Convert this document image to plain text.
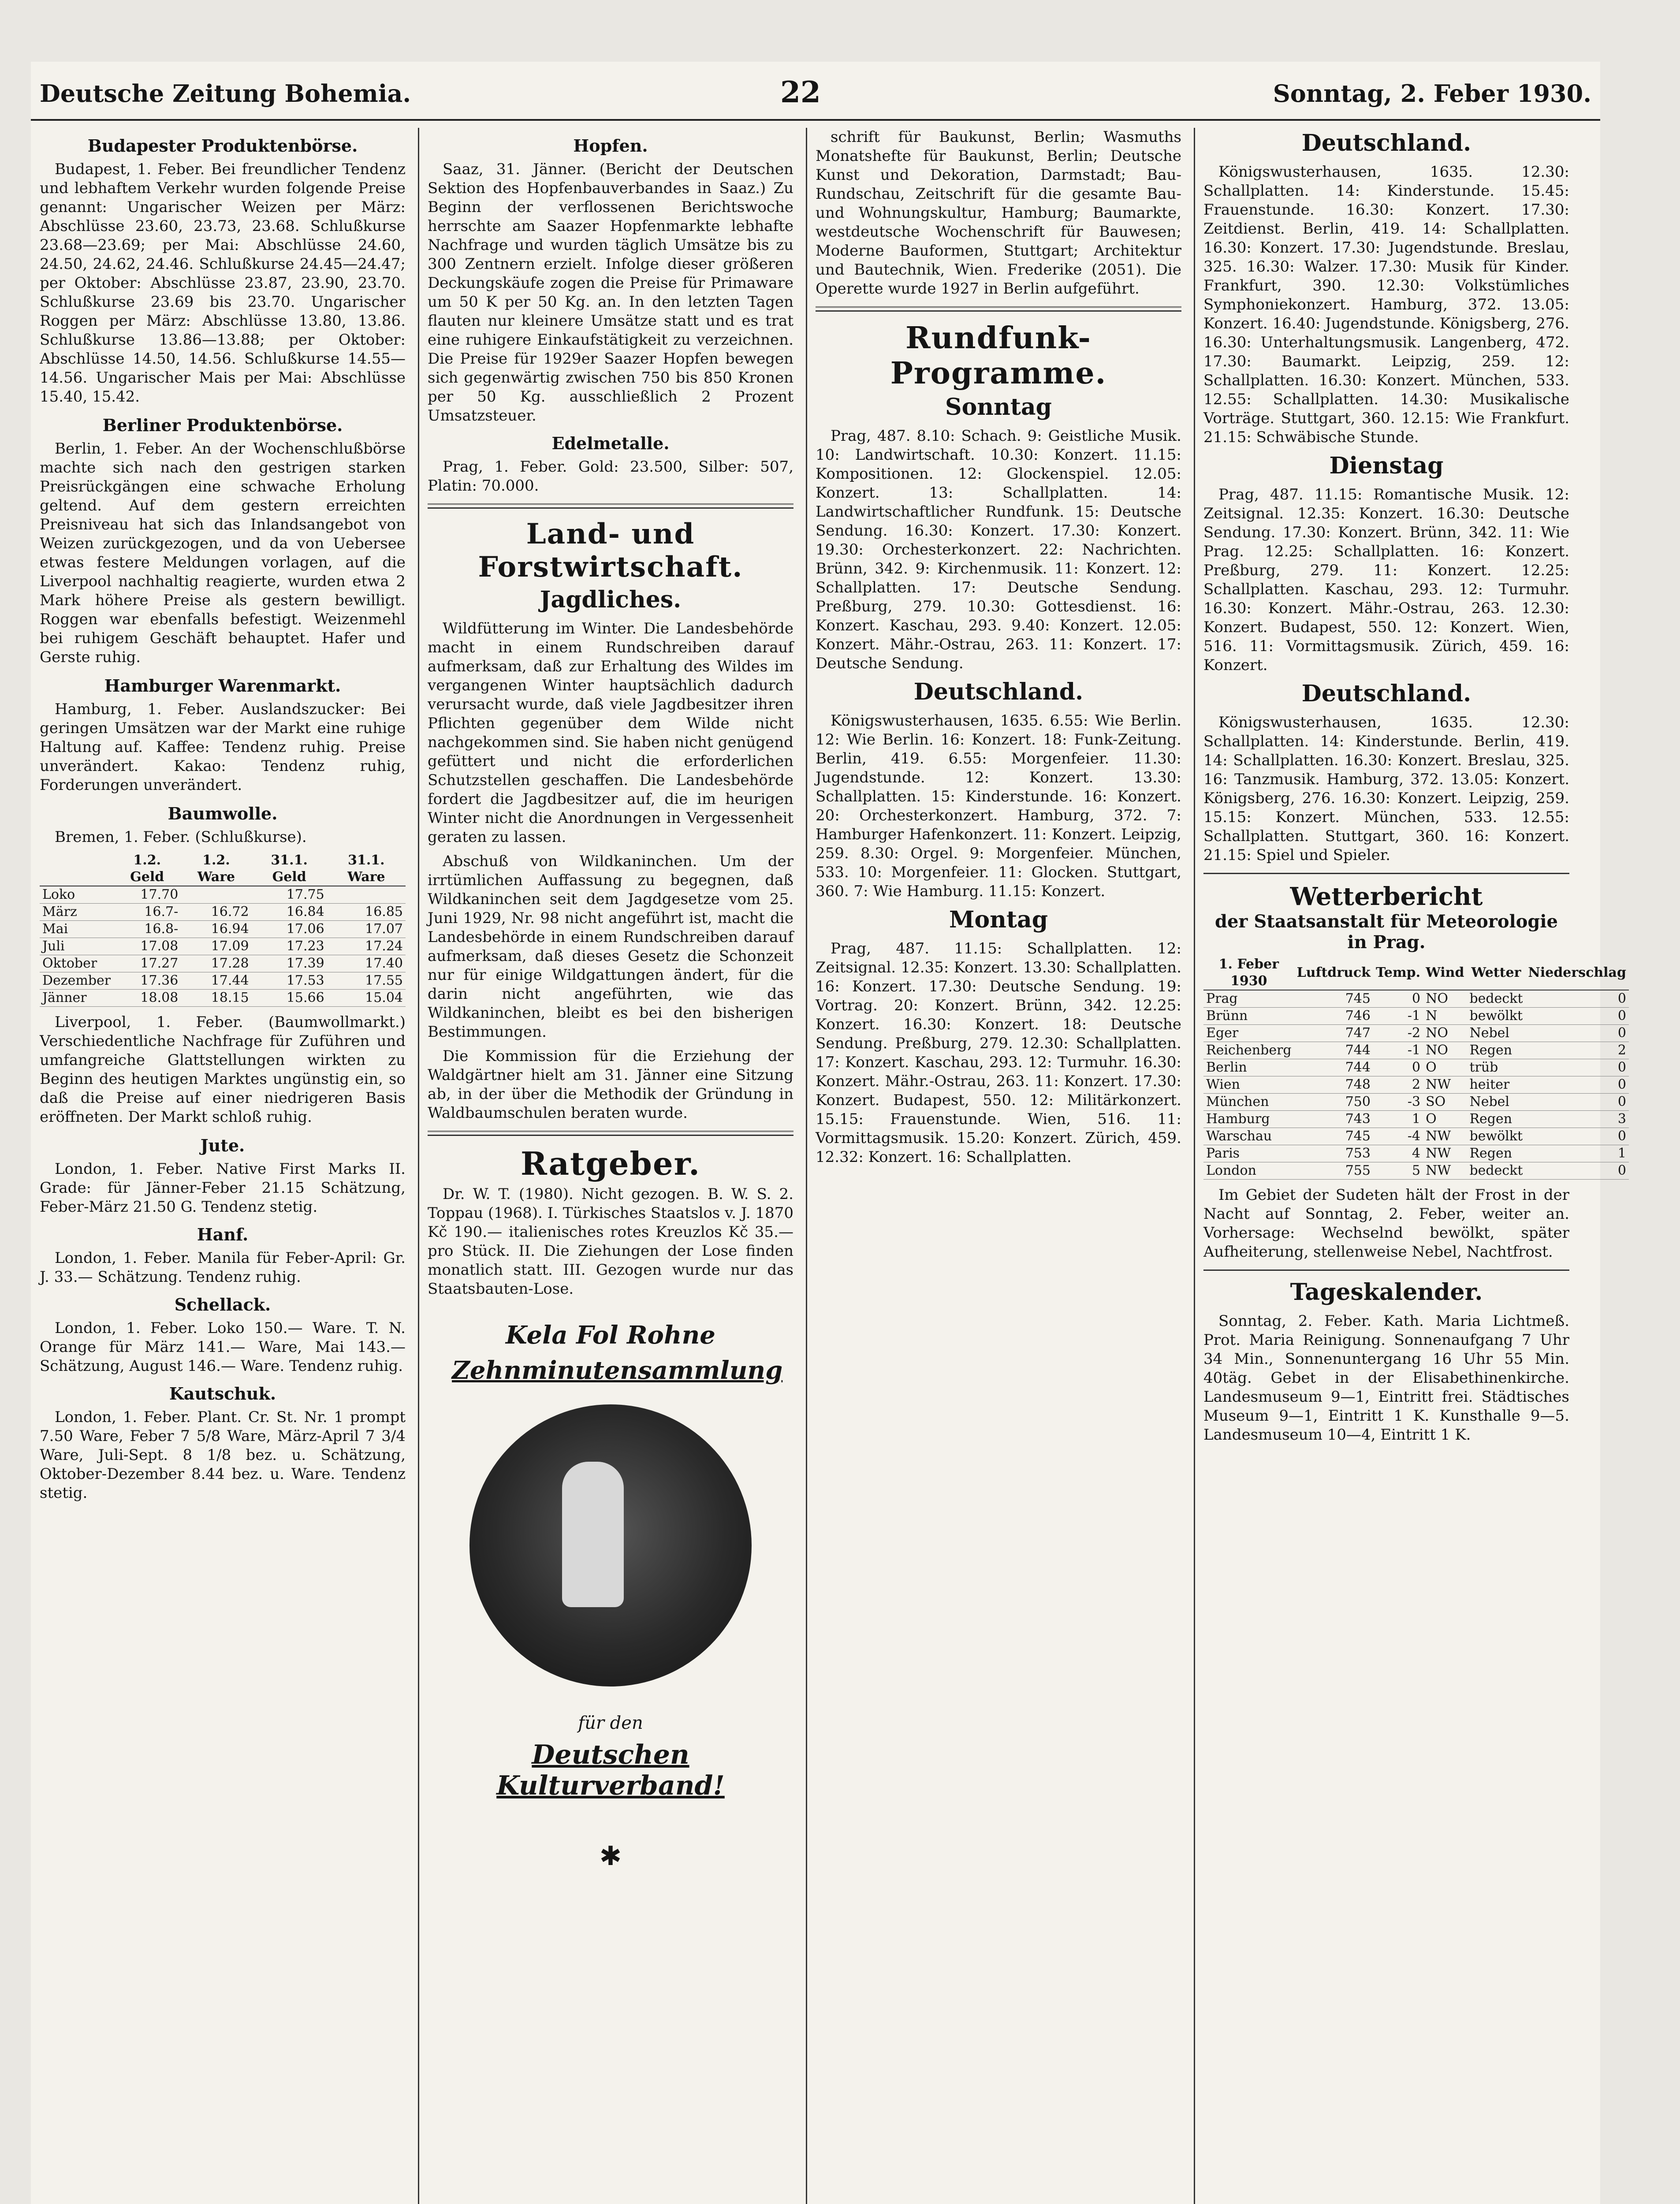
Deutsche Zeitung Bohemia.	22	Sonntag, 2. Feber 1930.
Budapester Produktenbörse.

Budapest, 1. Feber. Bei freundlicher Tendenz und lebhaftem Verkehr wurden folgende Preise genannt: Ungarischer Weizen per März: Abschlüsse 23.60, 23.73, 23.68. Schlußkurse 23.68—23.69; per Mai: Abschlüsse 24.60, 24.50, 24.62, 24.46. Schlußkurse 24.45—24.47; per Oktober: Abschlüsse 23.87, 23.90, 23.70. Schlußkurse 23.69 bis 23.70. Ungarischer Roggen per März: Abschlüsse 13.80, 13.86. Schlußkurse 13.86—13.88; per Oktober: Abschlüsse 14.50, 14.56. Schlußkurse 14.55—14.56. Ungarischer Mais per Mai: Abschlüsse 15.40, 15.42.

Berliner Produktenbörse.

Berlin, 1. Feber. An der Wochenschlußbörse machte sich nach den gestrigen starken Preisrückgängen eine schwache Erholung geltend. Auf dem gestern erreichten Preisniveau hat sich das Inlandsangebot von Weizen zurückgezogen, und da von Ueberseе etwas festere Meldungen vorlagen, auf die Liverpool nachhaltig reagierte, wurden etwa 2 Mark höhere Preise als gestern bewilligt. Roggen war ebenfalls befestigt. Weizenmehl bei ruhigem Geschäft behauptet. Hafer und Gerste ruhig.

Hamburger Warenmarkt.

Hamburg, 1. Feber. Auslandszucker: Bei geringen Umsätzen war der Markt eine ruhige Haltung auf. Kaffee: Tendenz ruhig. Preise unverändert. Kakao: Tendenz ruhig, Forderungen unverändert.

Baumwolle.

Bremen, 1. Feber. (Schlußkurse).

	1.2. Geld	1.2. Ware	31.1. Geld	31.1. Ware
Loko	17.70		17.75	
März	16.7-	16.72	16.84	16.85
Mai	16.8-	16.94	17.06	17.07
Juli	17.08	17.09	17.23	17.24
Oktober	17.27	17.28	17.39	17.40
Dezember	17.36	17.44	17.53	17.55
Jänner	18.08	18.15	15.66	15.04

Liverpool, 1. Feber. (Baumwollmarkt.) Verschiedentliche Nachfrage für Zuführen und umfangreiche Glattstellungen wirkten zu Beginn des heutigen Marktes ungünstig ein, so daß die Preise auf einer niedrigeren Basis eröffneten. Der Markt schloß ruhig.

Jute.

London, 1. Feber. Native First Marks II. Grade: für Jänner-Feber 21.15 Schätzung, Feber-März 21.50 G. Tendenz stetig.

Hanf.

London, 1. Feber. Manila für Feber-April: Gr. J. 33.— Schätzung. Tendenz ruhig.

Schellack.

London, 1. Feber. Loko 150.— Ware. T. N. Orange für März 141.— Ware, Mai 143.— Schätzung, August 146.— Ware. Tendenz ruhig.

Kautschuk.

London, 1. Feber. Plant. Cr. St. Nr. 1 prompt 7.50 Ware, Feber 7 5/8 Ware, März-April 7 3/4 Ware, Juli-Sept. 8 1/8 bez. u. Schätzung, Oktober-Dezember 8.44 bez. u. Ware. Tendenz stetig.

Hopfen.

Saaz, 31. Jänner. (Bericht der Deutschen Sektion des Hopfenbauverbandes in Saaz.) Zu Beginn der verflossenen Berichtswoche herrschte am Saazer Hopfenmarkte lebhafte Nachfrage und wurden täglich Umsätze bis zu 300 Zentnern erzielt. Infolge dieser größeren Deckungskäufe zogen die Preise für Primaware um 50 K per 50 Kg. an. In den letzten Tagen flauten nur kleinere Umsätze statt und es trat eine ruhigere Einkaufstätigkeit zu verzeichnen. Die Preise für 1929er Saazer Hopfen bewegen sich gegenwärtig zwischen 750 bis 850 Kronen per 50 Kg. ausschließlich 2 Prozent Umsatzsteuer.

Edelmetalle.

Prag, 1. Feber. Gold: 23.500, Silber: 507, Platin: 70.000.

Land- und Forstwirtschaft.
Jagdliches.

Wildfütterung im Winter. Die Landesbehörde macht in einem Rundschreiben darauf aufmerksam, daß zur Erhaltung des Wildes im vergangenen Winter hauptsächlich dadurch verursacht wurde, daß viele Jagdbesitzer ihren Pflichten gegenüber dem Wilde nicht nachgekommen sind. Sie haben nicht genügend gefüttert und nicht die erforderlichen Schutzstellen geschaffen. Die Landesbehörde fordert die Jagdbesitzer auf, die im heurigen Winter nicht die Anordnungen in Vergessenheit geraten zu lassen.

Abschuß von Wildkaninchen. Um der irrtümlichen Auffassung zu begegnen, daß Wildkaninchen seit dem Jagdgesetze vom 25. Juni 1929, Nr. 98 nicht angeführt ist, macht die Landesbehörde in einem Rundschreiben darauf aufmerksam, daß dieses Gesetz die Schonzeit nur für einige Wildgattungen ändert, für die darin nicht angeführten, wie das Wildkaninchen, bleibt es bei den bisherigen Bestimmungen.

Die Kommission für die Erziehung der Waldgärtner hielt am 31. Jänner eine Sitzung ab, in der über die Methodik der Gründung in Waldbaumschulen beraten wurde.

Ratgeber.

Dr. W. T. (1980). Nicht gezogen. B. W. S. 2. Toppau (1968). I. Türkisches Staatslos v. J. 1870 Kč 190.— italienisches rotes Kreuzlos Kč 35.— pro Stück. II. Die Ziehungen der Lose finden monatlich statt. III. Gezogen wurde nur das Staatsbauten-Lose.

Kela Fol Rohne
Zehnminutensammlung
für den
Deutschen Kulturverband!
✱

schrift für Baukunst, Berlin; Wasmuths Monatshefte für Baukunst, Berlin; Deutsche Kunst und Dekoration, Darmstadt; Bau-Rundschau, Zeitschrift für die gesamte Bau- und Wohnungskultur, Hamburg; Baumarkte, westdeutsche Wochenschrift für Bauwesen; Moderne Bauformen, Stuttgart; Architektur und Bautechnik, Wien. Frederike (2051). Die Operette wurde 1927 in Berlin aufgeführt.

Rundfunk-Programme.
Sonntag

Prag, 487. 8.10: Schach. 9: Geistliche Musik. 10: Landwirtschaft. 10.30: Konzert. 11.15: Kompositionen. 12: Glockenspiel. 12.05: Konzert. 13: Schallplatten. 14: Landwirtschaftlicher Rundfunk. 15: Deutsche Sendung. 16.30: Konzert. 17.30: Konzert. 19.30: Orchesterkonzert. 22: Nachrichten. Brünn, 342. 9: Kirchenmusik. 11: Konzert. 12: Schallplatten. 17: Deutsche Sendung. Preßburg, 279. 10.30: Gottesdienst. 16: Konzert. Kaschau, 293. 9.40: Konzert. 12.05: Konzert. Mähr.-Ostrau, 263. 11: Konzert. 17: Deutsche Sendung.

Deutschland.

Königswusterhausen, 1635. 6.55: Wie Berlin. 12: Wie Berlin. 16: Konzert. 18: Funk-Zeitung. Berlin, 419. 6.55: Morgenfeier. 11.30: Jugendstunde. 12: Konzert. 13.30: Schallplatten. 15: Kinderstunde. 16: Konzert. 20: Orchesterkonzert. Hamburg, 372. 7: Hamburger Hafenkonzert. 11: Konzert. Leipzig, 259. 8.30: Orgel. 9: Morgenfeier. München, 533. 10: Morgenfeier. 11: Glocken. Stuttgart, 360. 7: Wie Hamburg. 11.15: Konzert.

Montag

Prag, 487. 11.15: Schallplatten. 12: Zeitsignal. 12.35: Konzert. 13.30: Schallplatten. 16: Konzert. 17.30: Deutsche Sendung. 19: Vortrag. 20: Konzert. Brünn, 342. 12.25: Konzert. 16.30: Konzert. 18: Deutsche Sendung. Preßburg, 279. 12.30: Schallplatten. 17: Konzert. Kaschau, 293. 12: Turmuhr. 16.30: Konzert. Mähr.-Ostrau, 263. 11: Konzert. 17.30: Konzert. Budapest, 550. 12: Militärkonzert. 15.15: Frauenstunde. Wien, 516. 11: Vormittagsmusik. 15.20: Konzert. Zürich, 459. 12.32: Konzert. 16: Schallplatten.

Deutschland.

Königswusterhausen, 1635. 12.30: Schallplatten. 14: Kinderstunde. 15.45: Frauenstunde. 16.30: Konzert. 17.30: Zeitdienst. Berlin, 419. 14: Schallplatten. 16.30: Konzert. 17.30: Jugendstunde. Breslau, 325. 16.30: Walzer. 17.30: Musik für Kinder. Frankfurt, 390. 12.30: Volkstümliches Symphoniekonzert. Hamburg, 372. 13.05: Konzert. 16.40: Jugendstunde. Königsberg, 276. 16.30: Unterhaltungsmusik. Langenberg, 472. 17.30: Baumarkt. Leipzig, 259. 12: Schallplatten. 16.30: Konzert. München, 533. 12.55: Schallplatten. 14.30: Musikalische Vorträge. Stuttgart, 360. 12.15: Wie Frankfurt. 21.15: Schwäbische Stunde.

Dienstag

Prag, 487. 11.15: Romantische Musik. 12: Zeitsignal. 12.35: Konzert. 16.30: Deutsche Sendung. 17.30: Konzert. Brünn, 342. 11: Wie Prag. 12.25: Schallplatten. 16: Konzert. Preßburg, 279. 11: Konzert. 12.25: Schallplatten. Kaschau, 293. 12: Turmuhr. 16.30: Konzert. Mähr.-Ostrau, 263. 12.30: Konzert. Budapest, 550. 12: Konzert. Wien, 516. 11: Vormittagsmusik. Zürich, 459. 16: Konzert.

Deutschland.

Königswusterhausen, 1635. 12.30: Schallplatten. 14: Kinderstunde. Berlin, 419. 14: Schallplatten. 16.30: Konzert. Breslau, 325. 16: Tanzmusik. Hamburg, 372. 13.05: Konzert. Königsberg, 276. 16.30: Konzert. Leipzig, 259. 15.15: Konzert. München, 533. 12.55: Schallplatten. Stuttgart, 360. 16: Konzert. 21.15: Spiel und Spieler.

Wetterbericht
der Staatsanstalt für Meteorologie in Prag.
1. Feber 1930	Luftdruck	Temp.	Wind	Wetter	Niederschlag
Prag	745	0	NO	bedeckt	0
Brünn	746	-1	N	bewölkt	0
Eger	747	-2	NO	Nebel	0
Reichenberg	744	-1	NO	Regen	2
Berlin	744	0	O	trüb	0
Wien	748	2	NW	heiter	0
München	750	-3	SO	Nebel	0
Hamburg	743	1	O	Regen	3
Warschau	745	-4	NW	bewölkt	0
Paris	753	4	NW	Regen	1
London	755	5	NW	bedeckt	0

Im Gebiet der Sudeten hält der Frost in der Nacht auf Sonntag, 2. Feber, weiter an. Vorhersage: Wechselnd bewölkt, später Aufheiterung, stellenweise Nebel, Nachtfrost.

Tageskalender.

Sonntag, 2. Feber. Kath. Maria Lichtmeß. Prot. Maria Reinigung. Sonnenaufgang 7 Uhr 34 Min., Sonnenuntergang 16 Uhr 55 Min. 40täg. Gebet in der Elisabethinenkirche. Landesmuseum 9—1, Eintritt frei. Städtisches Museum 9—1, Eintritt 1 K. Kunsthalle 9—5. Landesmuseum 10—4, Eintritt 1 K.
